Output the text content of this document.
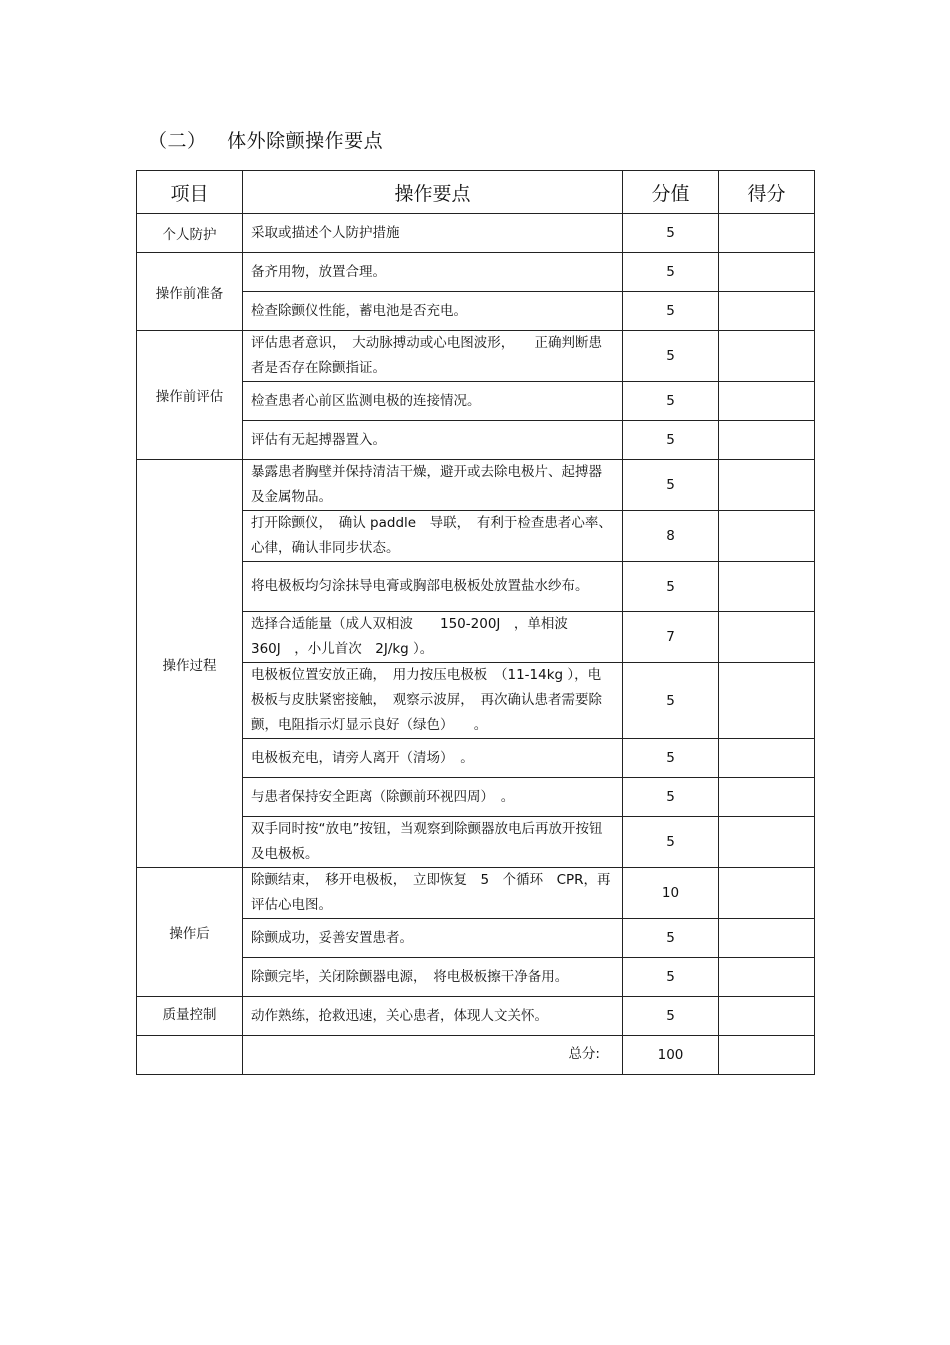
（二） 体外除颤操作要点
项目	操作要点	分值	得分
个人防护	采取或描述个人防护措施	5	
操作前准备	备齐用物，放置合理。	5	
	检查除颤仪性能，蓄电池是否充电。	5	
操作前评估	评估患者意识，　大动脉搏动或心电图波形，　　正确判断患者是否存在除颤指证。	5	
	检查患者心前区监测电极的连接情况。	5	
	评估有无起搏器置入。	5	
操作过程	暴露患者胸壁并保持清洁干燥，避开或去除电极片、起搏器及金属物品。	5	
	打开除颤仪，　确认 paddle　导联，　有利于检查患者心率、心律，确认非同步状态。	8	
	将电极板均匀涂抹导电膏或胸部电极板处放置盐水纱布。	5	
	选择合适能量（成人双相波　　150-200J　，单相波360J　，小儿首次　2J/kg ）。	7	
	电极板位置安放正确，　用力按压电极板　（11-14kg ），电极板与皮肤紧密接触，　观察示波屏，　再次确认患者需要除颤，电阻指示灯显示良好（绿色）　　。	5	
	电极板充电，请旁人离开（清场）　。	5	
	与患者保持安全距离（除颤前环视四周）　。	5	
	双手同时按“放电”按钮，当观察到除颤器放电后再放开按钮及电极板。	5	
操作后	除颤结束，　移开电极板，　立即恢复　5　个循环　CPR，再评估心电图。	10	
	除颤成功，妥善安置患者。	5	
	除颤完毕，关闭除颤器电源，　将电极板擦干净备用。	5	
质量控制	动作熟练，抢救迅速，关心患者，体现人文关怀。	5	
	总分:	100	
